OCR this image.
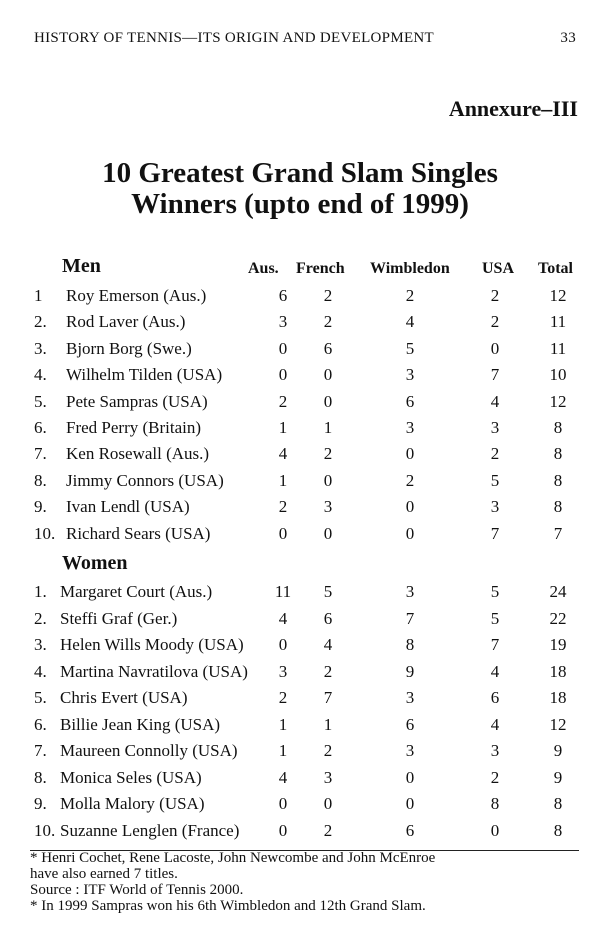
HISTORY OF TENNIS—ITS ORIGIN AND DEVELOPMENT	33
Annexure–III
10 Greatest Grand Slam Singles
Winners (upto end of 1999)
Men	Aus. French Wimbledon USA Total
1 Roy Emerson (Aus.)	6	2	2	2	12
2. Rod Laver (Aus.)	3	2	4	2	11
3. Bjorn Borg (Swe.)	0	6	5	0	11
4. Wilhelm Tilden (USA)	0	0	3	7	10
5. Pete Sampras (USA)	2	0	6	4	12
6. Fred Perry (Britain)	1	1	3	3	8
7. Ken Rosewall (Aus.)	4	2	0	2	8
8. Jimmy Connors (USA)	1	0	2	5	8
9. Ivan Lendl (USA)	2	3	0	3	8
10. Richard Sears (USA)	0	0	0	7	7
Women
1. Margaret Court (Aus.)	11	5	3	5	24
2. Steffi Graf (Ger.)	4	6	7	5	22
3. Helen Wills Moody (USA)	0	4	8	7	19
4. Martina Navratilova (USA)	3	2	9	4	18
5. Chris Evert (USA)	2	7	3	6	18
6. Billie Jean King (USA)	1	1	6	4	12
7. Maureen Connolly (USA)	1	2	3	3	9
8. Monica Seles (USA)	4	3	0	2	9
9. Molla Malory (USA)	0	0	0	8	8
10. Suzanne Lenglen (France)	0	2	6	0	8
* Henri Cochet, Rene Lacoste, John Newcombe and John McEnroe
have also earned 7 titles.
Source : ITF World of Tennis 2000.
* In 1999 Sampras won his 6th Wimbledon and 12th Grand Slam.
